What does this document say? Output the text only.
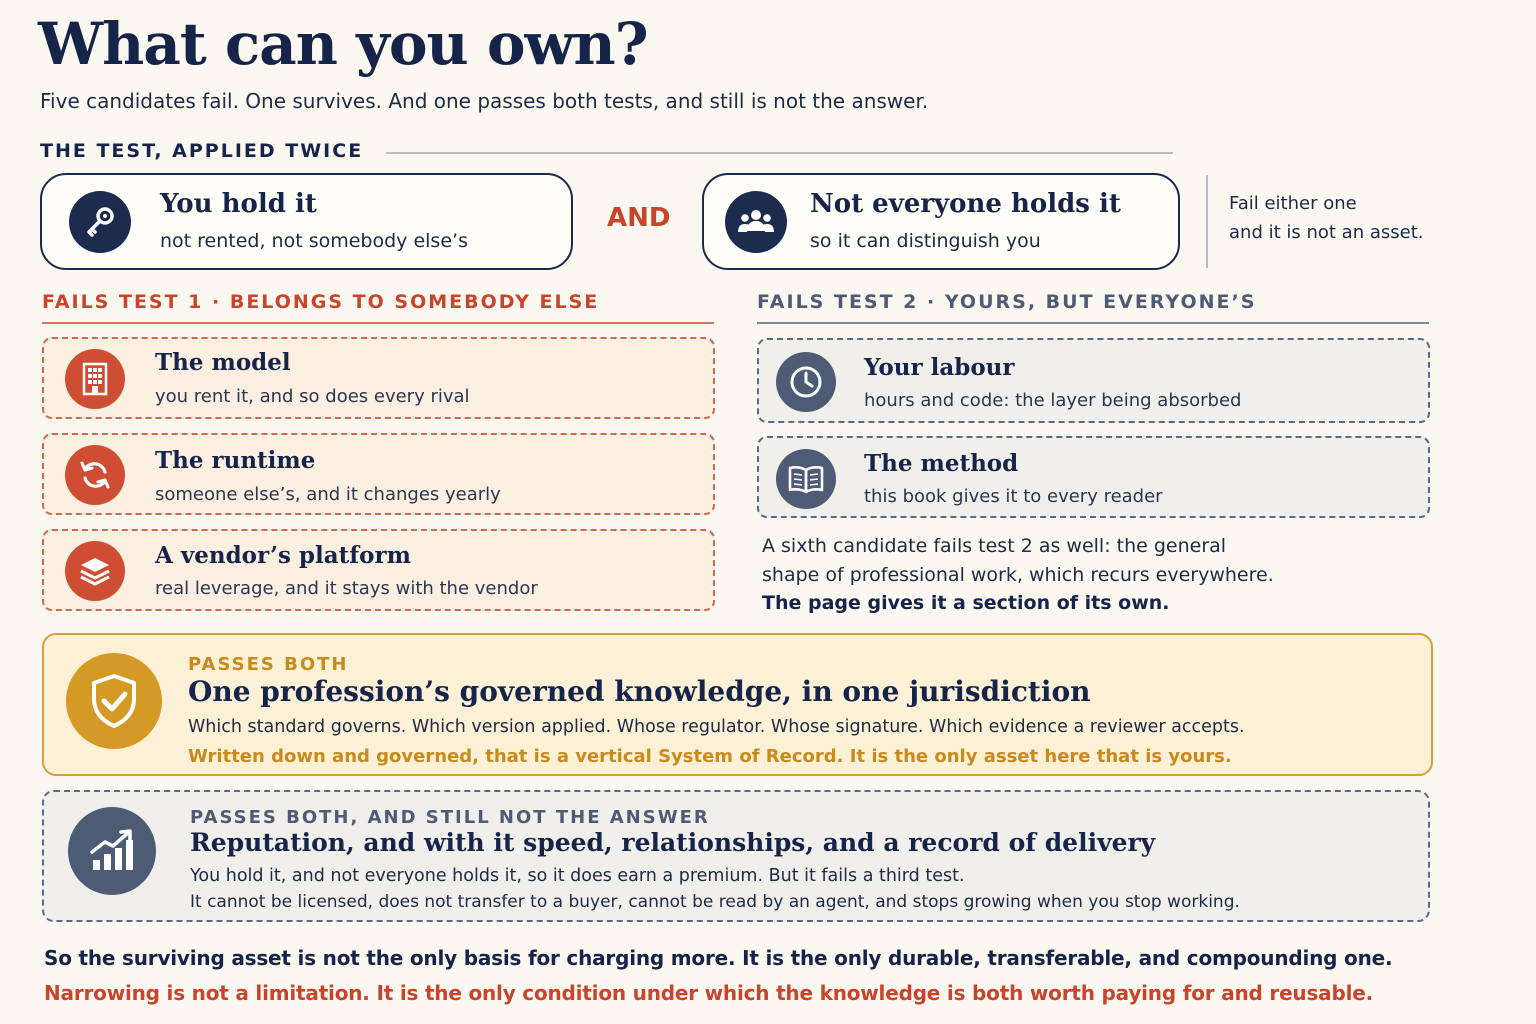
What can you own?
Five candidates fail. One survives. And one passes both tests, and still is not the answer.
THE TEST, APPLIED TWICE
You hold it
not rented, not somebody else’s
AND	Not everyone holds it
so it can distinguish you
Fail either one
and it is not an asset.
FAILS TEST 1 · BELONGS TO SOMEBODY ELSE
The model
you rent it, and so does every rival
The runtime
someone else’s, and it changes yearly
A vendor’s platform
real leverage, and it stays with the vendor
FAILS TEST 2 · YOURS, BUT EVERYONE’S
Your labour
hours and code: the layer being absorbed
The method
this book gives it to every reader
A sixth candidate fails test 2 as well: the general
shape of professional work, which recurs everywhere.
The page gives it a section of its own.
PASSES BOTH
One profession’s governed knowledge, in one jurisdiction
Which standard governs. Which version applied. Whose regulator. Whose signature. Which evidence a reviewer accepts.
Written down and governed, that is a vertical System of Record. It is the only asset here that is yours.
PASSES BOTH, AND STILL NOT THE ANSWER
Reputation, and with it speed, relationships, and a record of delivery
You hold it, and not everyone holds it, so it does earn a premium. But it fails a third test.
It cannot be licensed, does not transfer to a buyer, cannot be read by an agent, and stops growing when you stop working.
So the surviving asset is not the only basis for charging more. It is the only durable, transferable, and compounding one.
Narrowing is not a limitation. It is the only condition under which the knowledge is both worth paying for and reusable.
